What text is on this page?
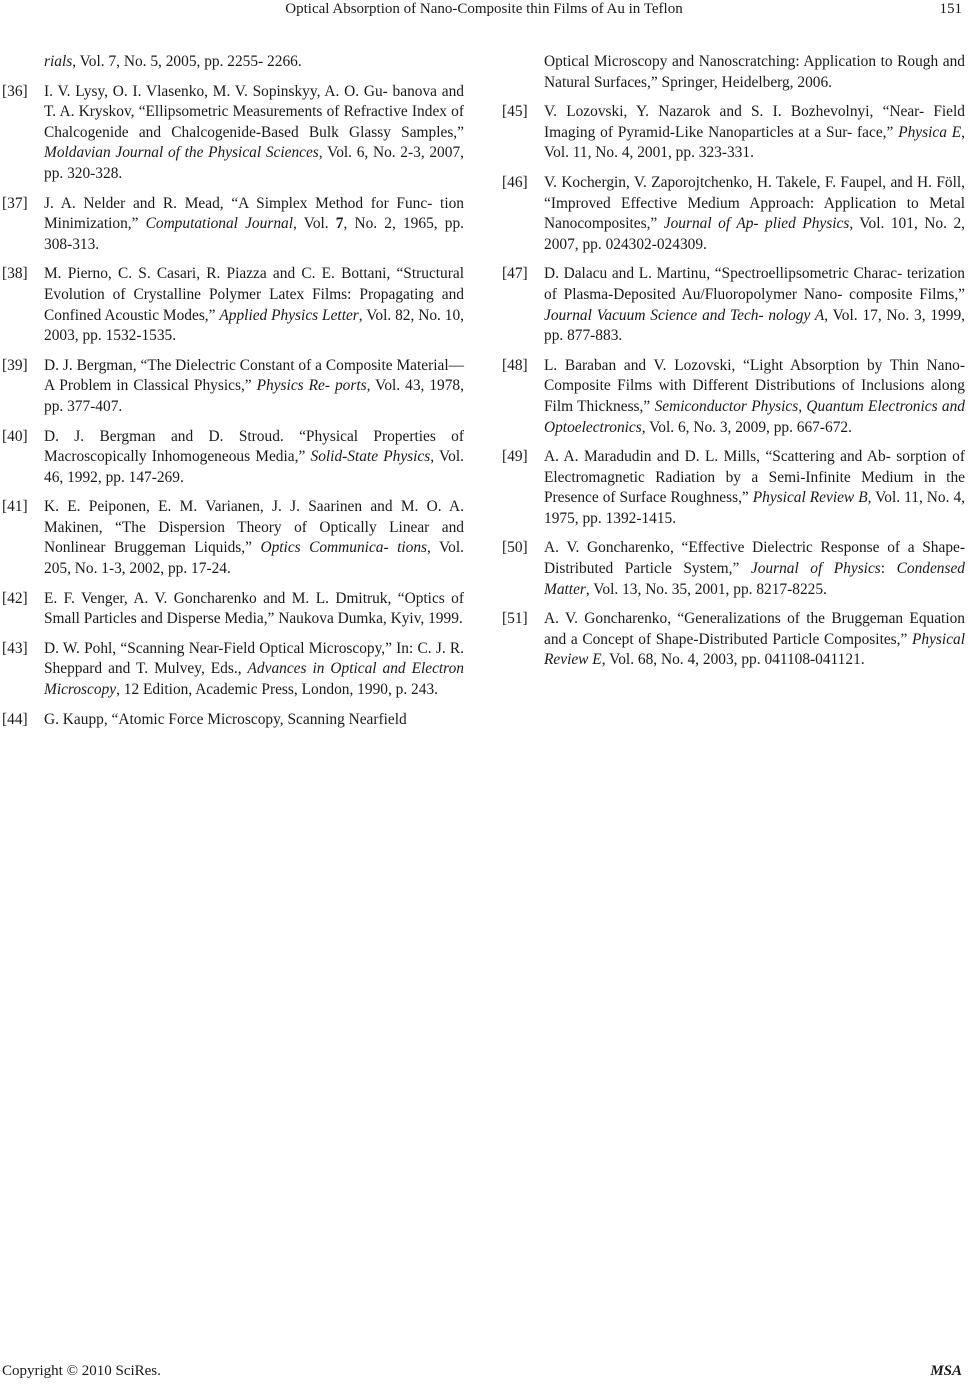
Optical Absorption of Nano-Composite thin Films of Au in Teflon	151
rials, Vol. 7, No. 5, 2005, pp. 2255- 2266.
[36] I. V. Lysy, O. I. Vlasenko, M. V. Sopinskyy, A. O. Gu- banova and T. A. Kryskov, “Ellipsometric Measurements of Refractive Index of Chalcogenide and Chalcogenide-Based Bulk Glassy Samples,” Moldavian Journal of the Physical Sciences, Vol. 6, No. 2-3, 2007, pp. 320-328.
[37] J. A. Nelder and R. Mead, “A Simplex Method for Func- tion Minimization,” Computational Journal, Vol. 7, No. 2, 1965, pp. 308-313.
[38] M. Pierno, C. S. Casari, R. Piazza and C. E. Bottani, “Structural Evolution of Crystalline Polymer Latex Films: Propagating and Confined Acoustic Modes,” Applied Physics Letter, Vol. 82, No. 10, 2003, pp. 1532-1535.
[39] D. J. Bergman, “The Dielectric Constant of a Composite Material—A Problem in Classical Physics,” Physics Re- ports, Vol. 43, 1978, pp. 377-407.
[40] D. J. Bergman and D. Stroud. “Physical Properties of Macroscopically Inhomogeneous Media,” Solid-State Physics, Vol. 46, 1992, pp. 147-269.
[41] K. E. Peiponen, E. M. Varianen, J. J. Saarinen and M. O. A. Makinen, “The Dispersion Theory of Optically Linear and Nonlinear Bruggeman Liquids,” Optics Communica- tions, Vol. 205, No. 1-3, 2002, pp. 17-24.
[42] E. F. Venger, A. V. Goncharenko and M. L. Dmitruk, “Optics of Small Particles and Disperse Media,” Naukova Dumka, Kyiv, 1999.
[43] D. W. Pohl, “Scanning Near-Field Optical Microscopy,” In: C. J. R. Sheppard and T. Mulvey, Eds., Advances in Optical and Electron Microscopy, 12 Edition, Academic Press, London, 1990, p. 243.
[44] G. Kaupp, “Atomic Force Microscopy, Scanning Nearfield
Optical Microscopy and Nanoscratching: Application to Rough and Natural Surfaces,” Springer, Heidelberg, 2006.
[45] V. Lozovski, Y. Nazarok and S. I. Bozhevolnyi, “Near- Field Imaging of Pyramid-Like Nanoparticles at a Sur- face,” Physica E, Vol. 11, No. 4, 2001, pp. 323-331.
[46] V. Kochergin, V. Zaporojtchenko, H. Takele, F. Faupel, and H. Föll, “Improved Effective Medium Approach: Application to Metal Nanocomposites,” Journal of Ap- plied Physics, Vol. 101, No. 2, 2007, pp. 024302-024309.
[47] D. Dalacu and L. Martinu, “Spectroellipsometric Charac- terization of Plasma-Deposited Au/Fluoropolymer Nano- composite Films,” Journal Vacuum Science and Tech- nology A, Vol. 17, No. 3, 1999, pp. 877-883.
[48] L. Baraban and V. Lozovski, “Light Absorption by Thin Nano-Composite Films with Different Distributions of Inclusions along Film Thickness,” Semiconductor Physics, Quantum Electronics and Optoelectronics, Vol. 6, No. 3, 2009, pp. 667-672.
[49] A. A. Maradudin and D. L. Mills, “Scattering and Ab- sorption of Electromagnetic Radiation by a Semi-Infinite Medium in the Presence of Surface Roughness,” Physical Review B, Vol. 11, No. 4, 1975, pp. 1392-1415.
[50] A. V. Goncharenko, “Effective Dielectric Response of a Shape-Distributed Particle System,” Journal of Physics: Condensed Matter, Vol. 13, No. 35, 2001, pp. 8217-8225.
[51] A. V. Goncharenko, “Generalizations of the Bruggeman Equation and a Concept of Shape-Distributed Particle Composites,” Physical Review E, Vol. 68, No. 4, 2003, pp. 041108-041121.
Copyright © 2010 SciRes.	MSA
